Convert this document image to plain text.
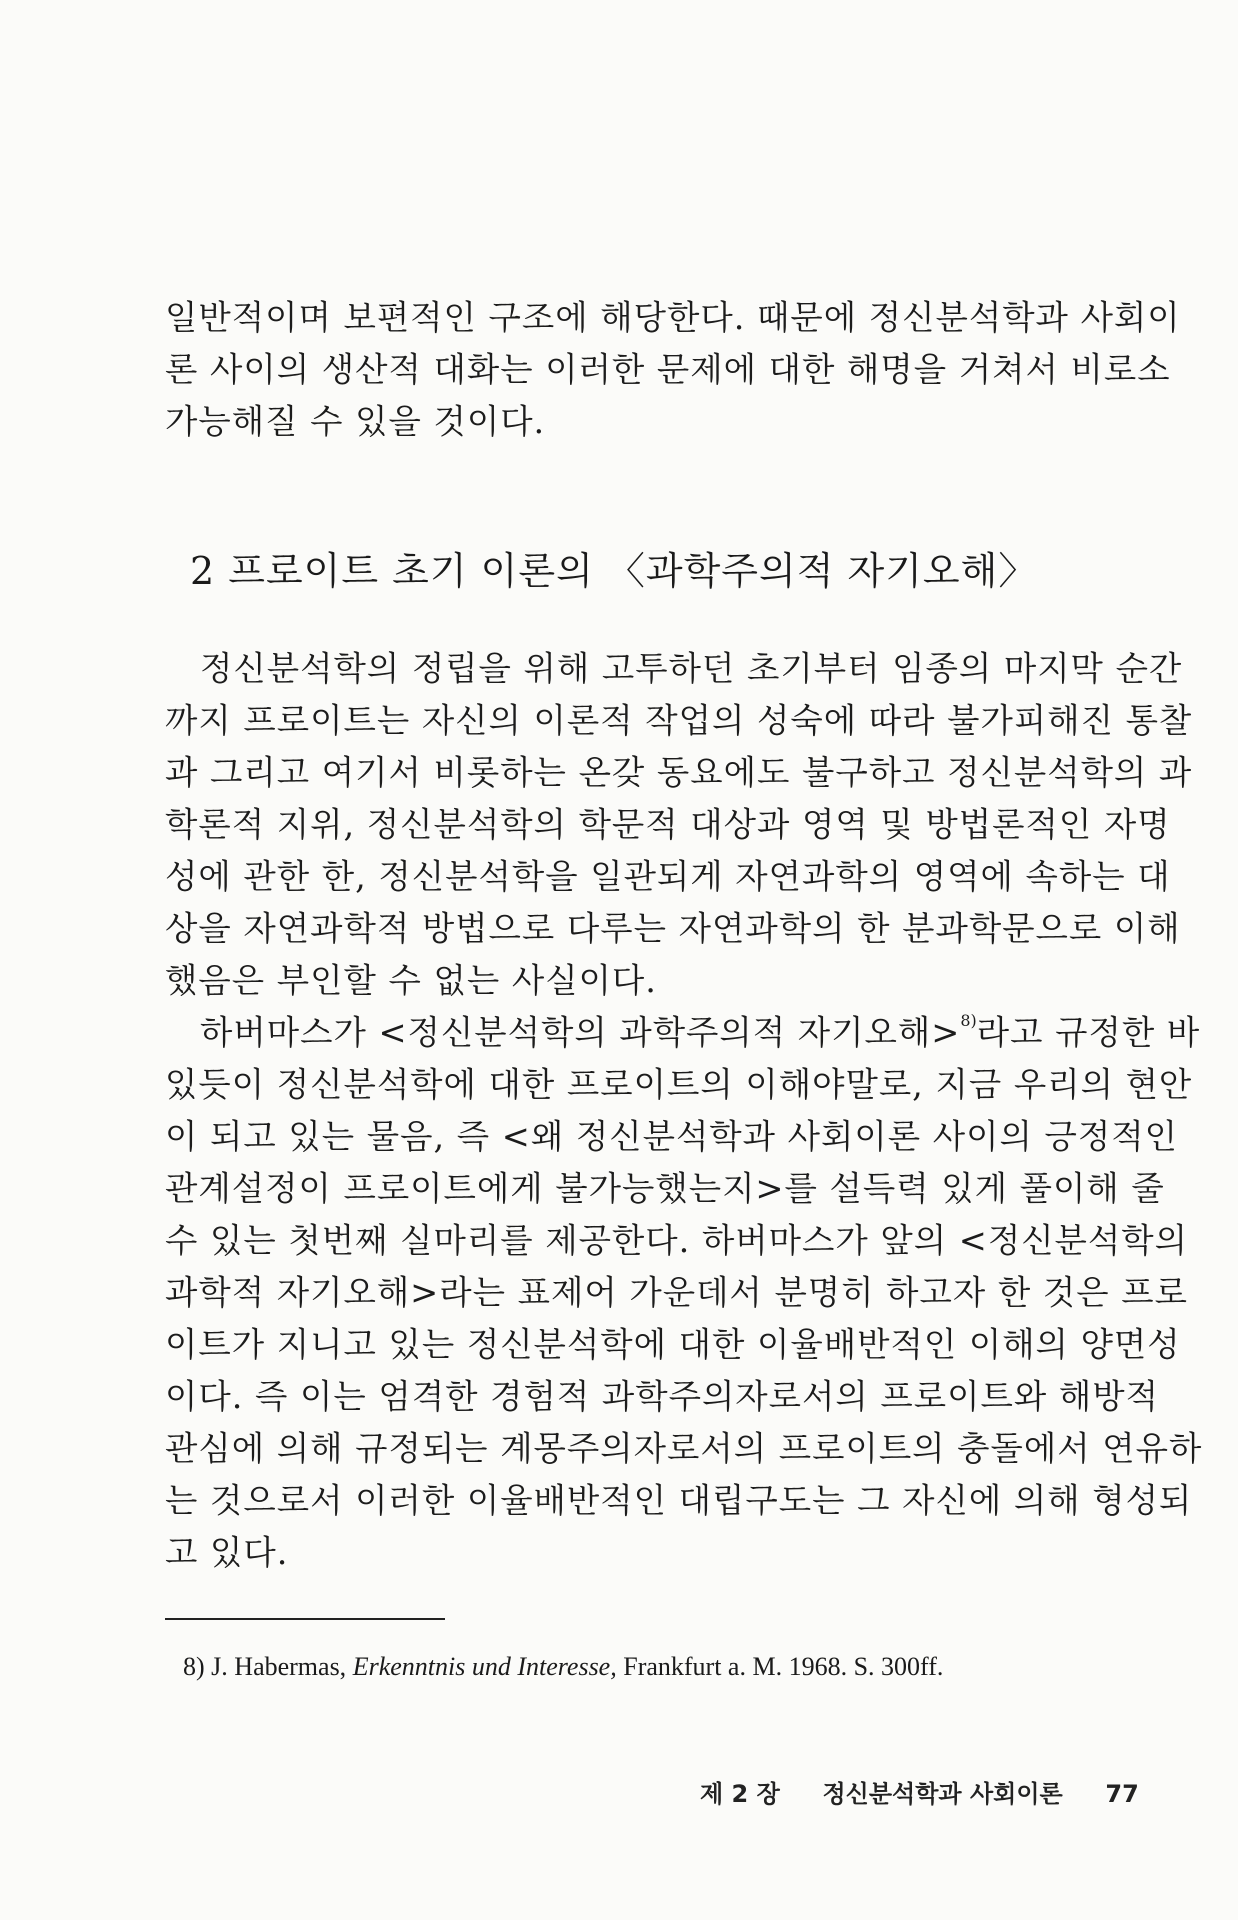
일반적이며 보편적인 구조에 해당한다. 때문에 정신분석학과 사회이
론 사이의 생산적 대화는 이러한 문제에 대한 해명을 거쳐서 비로소
가능해질 수 있을 것이다.
2 프로이트 초기 이론의 〈과학주의적 자기오해〉
정신분석학의 정립을 위해 고투하던 초기부터 임종의 마지막 순간
까지 프로이트는 자신의 이론적 작업의 성숙에 따라 불가피해진 통찰
과 그리고 여기서 비롯하는 온갖 동요에도 불구하고 정신분석학의 과
학론적 지위, 정신분석학의 학문적 대상과 영역 및 방법론적인 자명
성에 관한 한, 정신분석학을 일관되게 자연과학의 영역에 속하는 대
상을 자연과학적 방법으로 다루는 자연과학의 한 분과학문으로 이해
했음은 부인할 수 없는 사실이다.
하버마스가 <정신분석학의 과학주의적 자기오해>$^{8)}$라고 규정한 바
있듯이 정신분석학에 대한 프로이트의 이해야말로, 지금 우리의 현안
이 되고 있는 물음, 즉 <왜 정신분석학과 사회이론 사이의 긍정적인
관계설정이 프로이트에게 불가능했는지>를 설득력 있게 풀이해 줄
수 있는 첫번째 실마리를 제공한다. 하버마스가 앞의 <정신분석학의
과학적 자기오해>라는 표제어 가운데서 분명히 하고자 한 것은 프로
이트가 지니고 있는 정신분석학에 대한 이율배반적인 이해의 양면성
이다. 즉 이는 엄격한 경험적 과학주의자로서의 프로이트와 해방적
관심에 의해 규정되는 계몽주의자로서의 프로이트의 충돌에서 연유하
는 것으로서 이러한 이율배반적인 대립구도는 그 자신에 의해 형성되
고 있다.
8) J. Habermas, Erkenntnis und Interesse, Frankfurt a. M. 1968. S. 300ff.
제 2 장 정신분석학과 사회이론 77
